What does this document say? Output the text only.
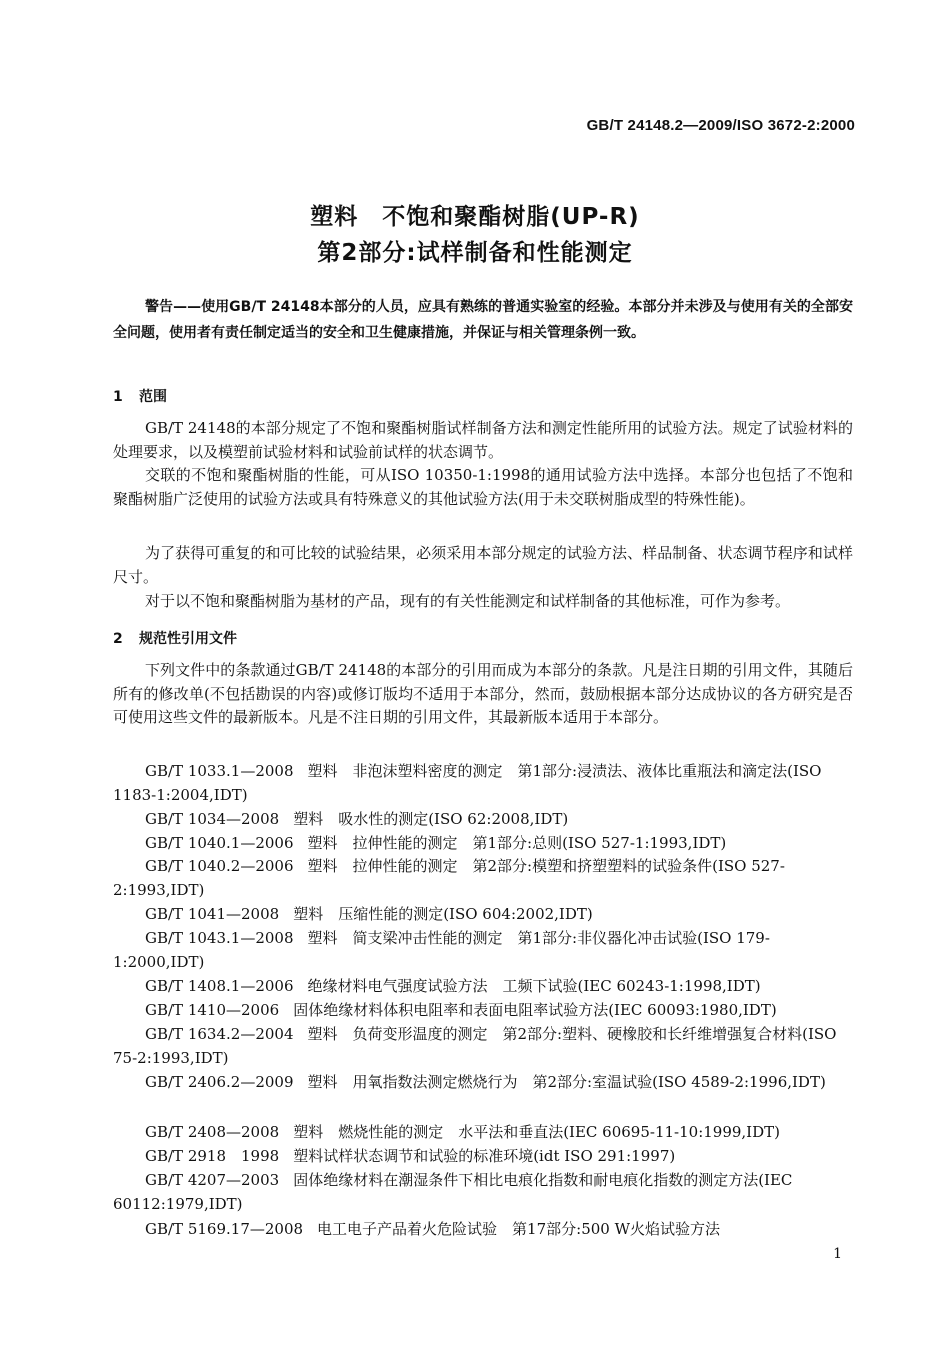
GB/T 24148.2—2009/ISO 3672-2:2000
塑料　不饱和聚酯树脂(UP-R)
第2部分:试样制备和性能测定
警告——使用GB/T 24148本部分的人员，应具有熟练的普通实验室的经验。本部分并未涉及与使用有关的全部安全问题，使用者有责任制定适当的安全和卫生健康措施，并保证与相关管理条例一致。
1 范围

GB/T 24148的本部分规定了不饱和聚酯树脂试样制备方法和测定性能所用的试验方法。规定了试验材料的处理要求，以及模塑前试验材料和试验前试样的状态调节。

交联的不饱和聚酯树脂的性能，可从ISO 10350-1:1998的通用试验方法中选择。本部分也包括了不饱和聚酯树脂广泛使用的试验方法或具有特殊意义的其他试验方法(用于未交联树脂成型的特殊性能)。

为了获得可重复的和可比较的试验结果，必须采用本部分规定的试验方法、样品制备、状态调节程序和试样尺寸。

对于以不饱和聚酯树脂为基材的产品，现有的有关性能测定和试样制备的其他标准，可作为参考。

2 规范性引用文件

下列文件中的条款通过GB/T 24148的本部分的引用而成为本部分的条款。凡是注日期的引用文件，其随后所有的修改单(不包括勘误的内容)或修订版均不适用于本部分，然而，鼓励根据本部分达成协议的各方研究是否可使用这些文件的最新版本。凡是不注日期的引用文件，其最新版本适用于本部分。

GB/T 1033.1—2008 塑料　非泡沫塑料密度的测定　第1部分:浸渍法、液体比重瓶法和滴定法(ISO 1183-1:2004,IDT)

GB/T 1034—2008 塑料　吸水性的测定(ISO 62:2008,IDT)

GB/T 1040.1—2006 塑料　拉伸性能的测定　第1部分:总则(ISO 527-1:1993,IDT)

GB/T 1040.2—2006 塑料　拉伸性能的测定　第2部分:模塑和挤塑塑料的试验条件(ISO 527-2:1993,IDT)

GB/T 1041—2008 塑料　压缩性能的测定(ISO 604:2002,IDT)

GB/T 1043.1—2008 塑料　简支梁冲击性能的测定　第1部分:非仪器化冲击试验(ISO 179-1:2000,IDT)

GB/T 1408.1—2006 绝缘材料电气强度试验方法　工频下试验(IEC 60243-1:1998,IDT)

GB/T 1410—2006 固体绝缘材料体积电阻率和表面电阻率试验方法(IEC 60093:1980,IDT)

GB/T 1634.2—2004 塑料　负荷变形温度的测定　第2部分:塑料、硬橡胶和长纤维增强复合材料(ISO 75-2:1993,IDT)

GB/T 2406.2—2009 塑料　用氧指数法测定燃烧行为　第2部分:室温试验(ISO 4589-2:1996,IDT)

GB/T 2408—2008 塑料　燃烧性能的测定　水平法和垂直法(IEC 60695-11-10:1999,IDT)

GB/T 2918　1998 塑料试样状态调节和试验的标准环境(idt ISO 291:1997)

GB/T 4207—2003 固体绝缘材料在潮湿条件下相比电痕化指数和耐电痕化指数的测定方法(IEC 60112:1979,IDT)

GB/T 5169.17—2008 电工电子产品着火危险试验　第17部分:500 W火焰试验方法

1
